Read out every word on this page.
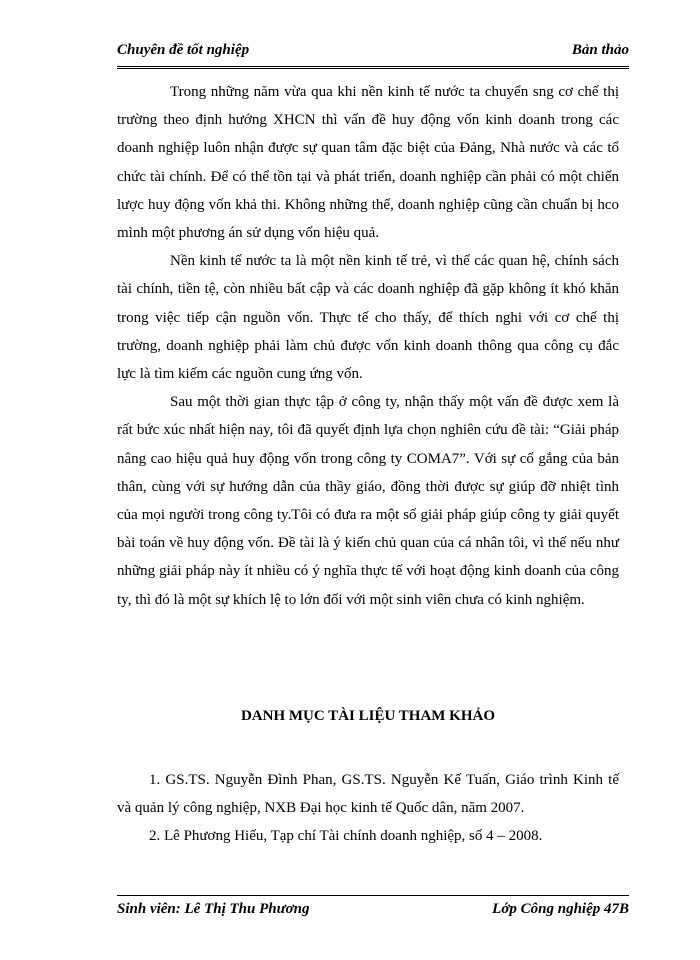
Chuyên đề tốt nghiệp	Bản thảo

Trong những năm vừa qua khi nền kinh tế nước ta chuyển sng cơ chế thị trường theo định hướng XHCN thì vấn đề huy động vốn kinh doanh trong các doanh nghiệp luôn nhận được sự quan tâm đặc biệt của Đảng, Nhà nước và các tổ chức tài chính. Để có thể tồn tại và phát triển, doanh nghiệp cần phải có một chiến lược huy động vốn khả thi. Không những thế, doanh nghiệp cũng cần chuẩn bị hco mình một phương án sử dụng vốn hiệu quả.

Nền kinh tế nước ta là một nền kinh tế trẻ, vì thế các quan hệ, chính sách tài chính, tiền tệ, còn nhiều bất cập và các doanh nghiệp đã gặp không ít khó khăn trong việc tiếp cận nguồn vốn. Thực tế cho thấy, để thích nghi với cơ chế thị trường, doanh nghiệp phải làm chủ được vốn kinh doanh thông qua công cụ đắc lực là tìm kiếm các nguồn cung ứng vốn.

Sau một thời gian thực tập ở công ty, nhận thấy một vấn đề được xem là rất bức xúc nhất hiện nay, tôi đã quyết định lựa chọn nghiên cứu đề tài: “Giải pháp nâng cao hiệu quả huy động vốn trong công ty COMA7”. Với sự cố gắng của bản thân, cùng với sự hướng dẫn của thầy giáo, đồng thời được sự giúp đỡ nhiệt tình của mọi người trong công ty.Tôi có đưa ra một số giải pháp giúp công ty giải quyết bài toán về huy động vốn. Đề tài là ý kiến chủ quan của cá nhân tôi, vì thế nếu như những giải pháp này ít nhiều có ý nghĩa thực tế với hoạt động kinh doanh của công ty, thì đó là một sự khích lệ to lớn đối với một sinh viên chưa có kinh nghiệm.

DANH MỤC TÀI LIỆU THAM KHẢO

1. GS.TS. Nguyễn Đình Phan, GS.TS. Nguyễn Kế Tuấn, Giáo trình Kinh tế và quản lý công nghiệp, NXB Đại học kinh tế Quốc dân, năm 2007.

2. Lê Phương Hiếu, Tạp chí Tài chính doanh nghiệp, số 4 – 2008.

Sinh viên: Lê Thị Thu Phương	Lớp Công nghiệp 47B
